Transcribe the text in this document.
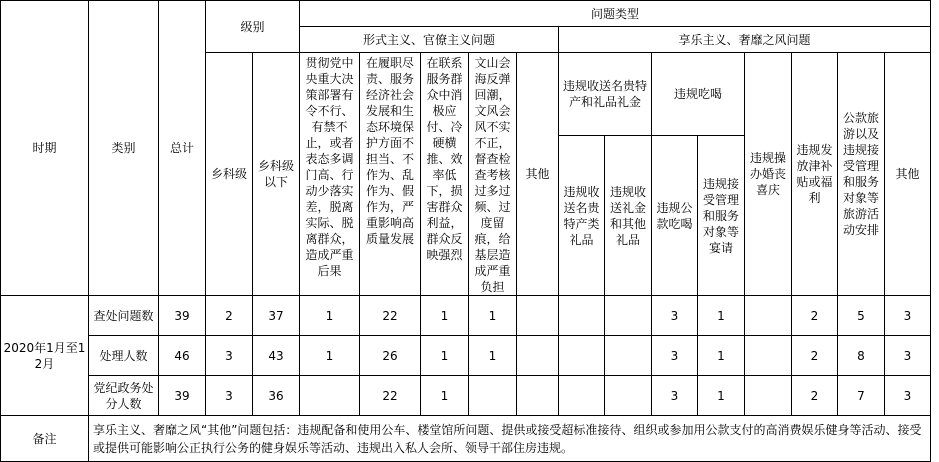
时期	类别	总计	级别		问题类型												
					形式主义、官僚主义问题					享乐主义、奢靡之风问题							
			乡科级	乡科级以下	贯彻党中央重大决策部署有令不行、有禁不止，或者表态多调门高、行动少落实差，脱离实际、脱离群众，造成严重后果	在履职尽责、服务经济社会发展和生态环境保护方面不担当、不作为、乱作为、假作为，严重影响高质量发展	在联系服务群众中消极应付、冷硬横推、效率低下，损害群众利益，群众反映强烈	文山会海反弹回潮，文风会风不实不正，督查检查考核过多过频、过度留痕，给基层造成严重负担	其他	违规收送名贵特产和礼品礼金		违规吃喝		违规操办婚丧喜庆	违规发放津补贴或福利	公款旅游以及违规接受管理和服务对象等旅游活动安排	其他
										违规收送名贵特产类礼品	违规收送礼金和其他礼品	违规公款吃喝	违规接受管理和服务对象等宴请				
2020年1月至12月	查处问题数	39	2	37	1	22	1	1				3	1		2	5	3
	处理人数	46	3	43	1	26	1	1				3	1		2	8	3
	党纪政务处分人数	39	3	36		22	1					3	1		2	7	3
备注	享乐主义、奢靡之风“其他”问题包括：违规配备和使用公车、楼堂馆所问题、提供或接受超标准接待、组织或参加用公款支付的高消费娱乐健身等活动、接受或提供可能影响公正执行公务的健身娱乐等活动、违规出入私人会所、领导干部住房违规。																
